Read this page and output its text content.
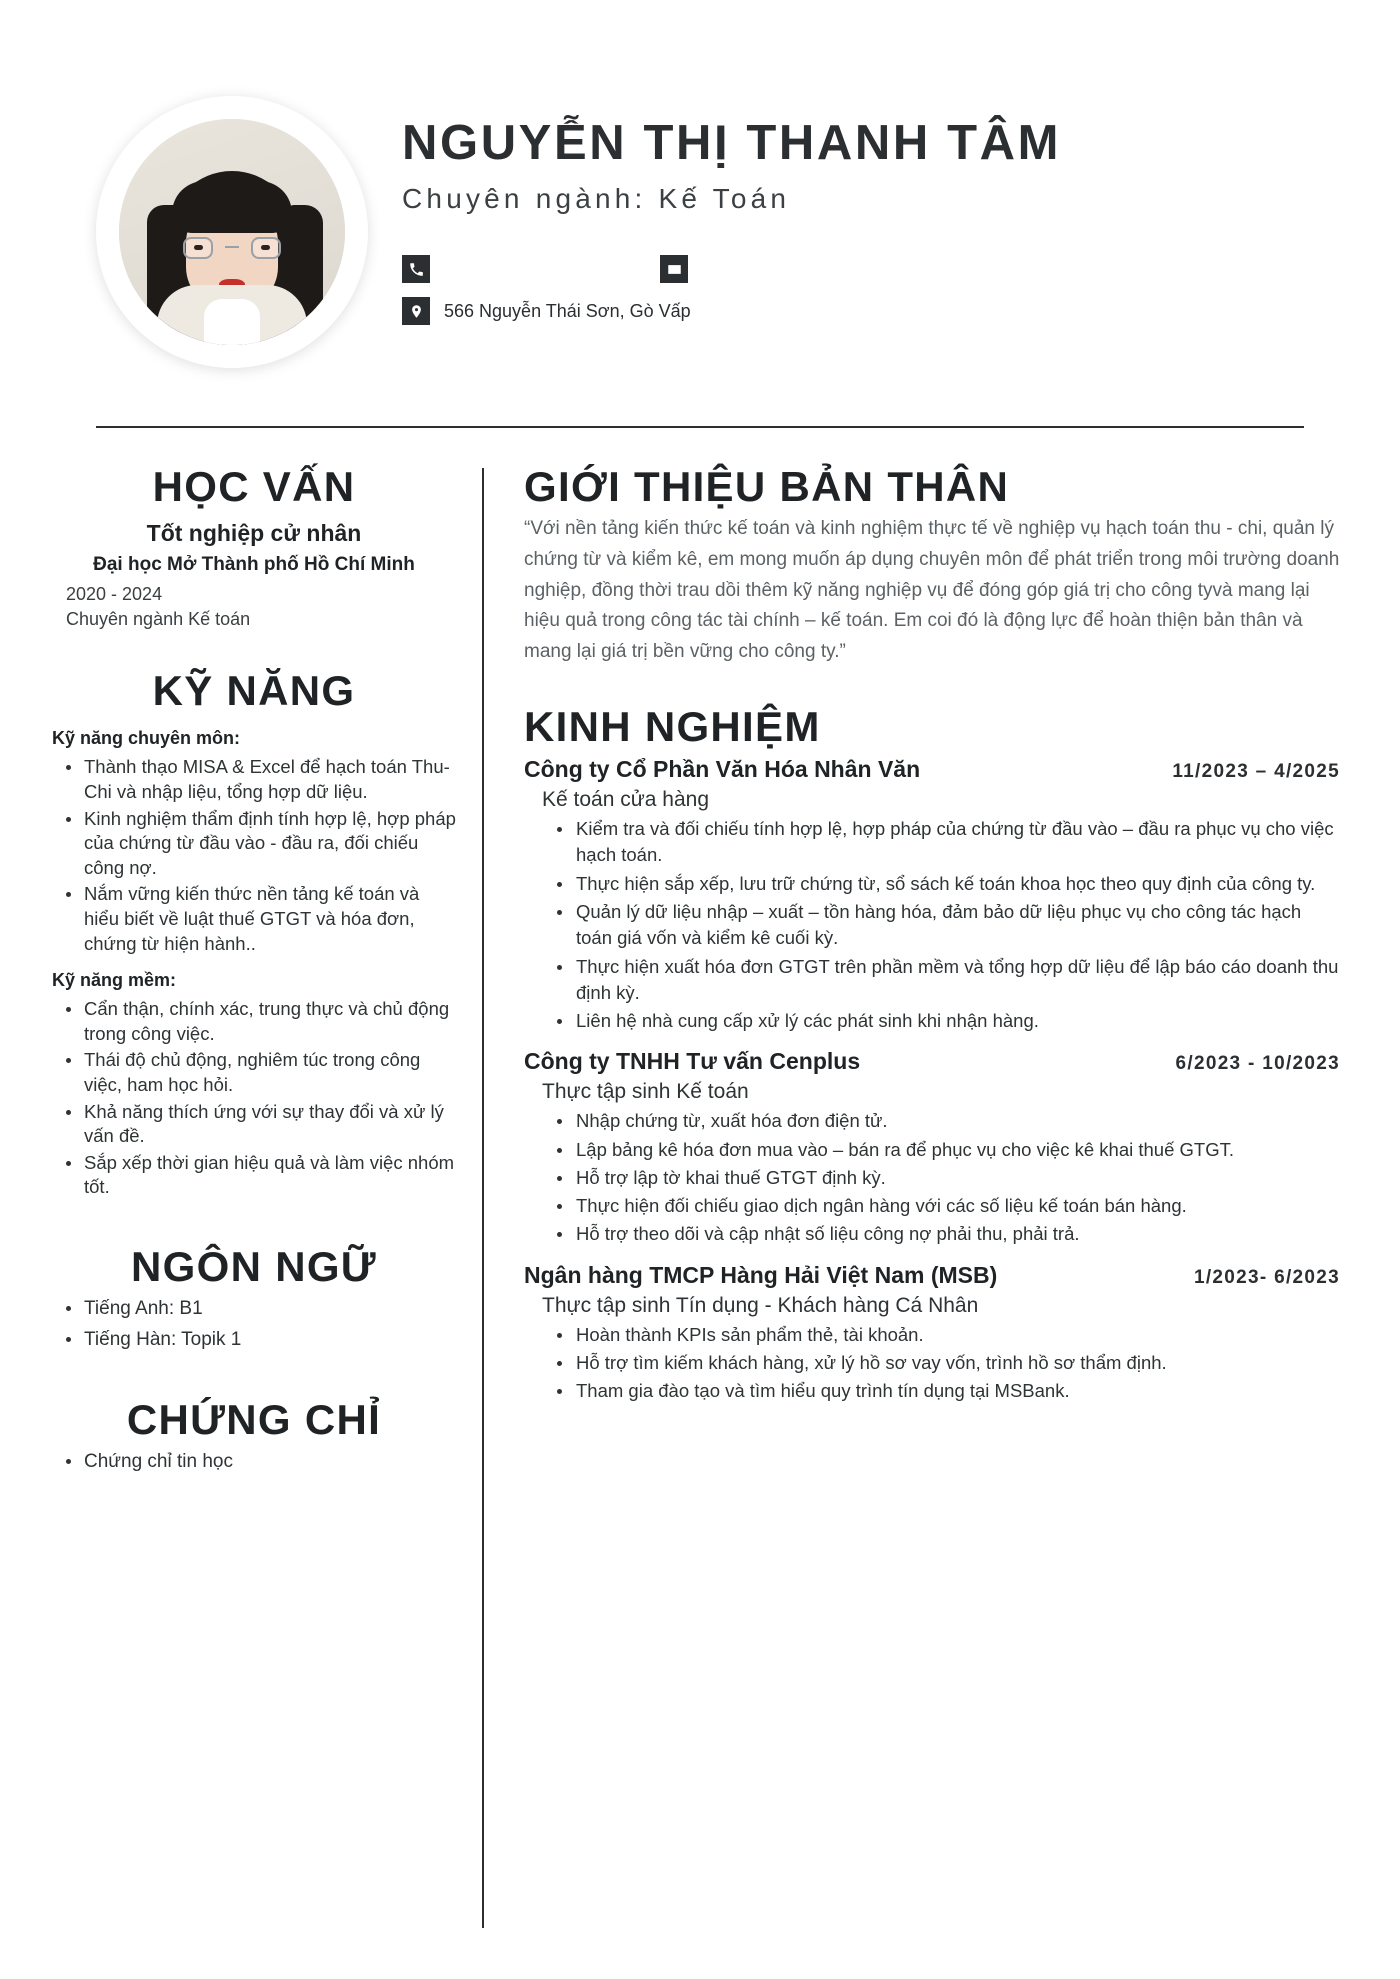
NGUYỄN THỊ THANH TÂM
Chuyên ngành: Kế Toán
566 Nguyễn Thái Sơn, Gò Vấp
HỌC VẤN
Tốt nghiệp cử nhân
Đại học Mở Thành phố Hồ Chí Minh
2020 - 2024
Chuyên ngành Kế toán
KỸ NĂNG
Kỹ năng chuyên môn:
Thành thạo MISA & Excel để hạch toán Thu-Chi và nhập liệu, tổng hợp dữ liệu.
Kinh nghiệm thẩm định tính hợp lệ, hợp pháp của chứng từ đầu vào - đầu ra, đối chiếu công nợ.
Nắm vững kiến thức nền tảng kế toán và hiểu biết về luật thuế GTGT và hóa đơn, chứng từ hiện hành..
Kỹ năng mềm:
Cẩn thận, chính xác, trung thực và chủ động trong công việc.
Thái độ chủ động, nghiêm túc trong công việc, ham học hỏi.
Khả năng thích ứng với sự thay đổi và xử lý vấn đề.
Sắp xếp thời gian hiệu quả và làm việc nhóm tốt.
NGÔN NGỮ
Tiếng Anh: B1
Tiếng Hàn: Topik 1
CHỨNG CHỈ
Chứng chỉ tin học
GIỚI THIỆU BẢN THÂN
“Với nền tảng kiến thức kế toán và kinh nghiệm thực tế về nghiệp vụ hạch toán thu - chi, quản lý chứng từ và kiểm kê, em mong muốn áp dụng chuyên môn để phát triển trong môi trường doanh nghiệp, đồng thời trau dồi thêm kỹ năng nghiệp vụ để đóng góp giá trị cho công tyvà mang lại hiệu quả trong công tác tài chính – kế toán. Em coi đó là động lực để hoàn thiện bản thân và mang lại giá trị bền vững cho công ty.”
KINH NGHIỆM
Công ty Cổ Phần Văn Hóa Nhân Văn	11/2023 – 4/2025
Kế toán cửa hàng
Kiểm tra và đối chiếu tính hợp lệ, hợp pháp của chứng từ đầu vào – đầu ra phục vụ cho việc hạch toán.
Thực hiện sắp xếp, lưu trữ chứng từ, sổ sách kế toán khoa học theo quy định của công ty.
Quản lý dữ liệu nhập – xuất – tồn hàng hóa, đảm bảo dữ liệu phục vụ cho công tác hạch toán giá vốn và kiểm kê cuối kỳ.
Thực hiện xuất hóa đơn GTGT trên phần mềm và tổng hợp dữ liệu để lập báo cáo doanh thu định kỳ.
Liên hệ nhà cung cấp xử lý các phát sinh khi nhận hàng.
Công ty TNHH Tư vấn Cenplus	6/2023 - 10/2023
Thực tập sinh Kế toán
Nhập chứng từ, xuất hóa đơn điện tử.
Lập bảng kê hóa đơn mua vào – bán ra để phục vụ cho việc kê khai thuế GTGT.
Hỗ trợ lập tờ khai thuế GTGT định kỳ.
Thực hiện đối chiếu giao dịch ngân hàng với các số liệu kế toán bán hàng.
Hỗ trợ theo dõi và cập nhật số liệu công nợ phải thu, phải trả.
Ngân hàng TMCP Hàng Hải Việt Nam (MSB)	1/2023- 6/2023
Thực tập sinh Tín dụng - Khách hàng Cá Nhân
Hoàn thành KPIs sản phẩm thẻ, tài khoản.
Hỗ trợ tìm kiếm khách hàng, xử lý hồ sơ vay vốn, trình hồ sơ thẩm định.
Tham gia đào tạo và tìm hiểu quy trình tín dụng tại MSBank.
